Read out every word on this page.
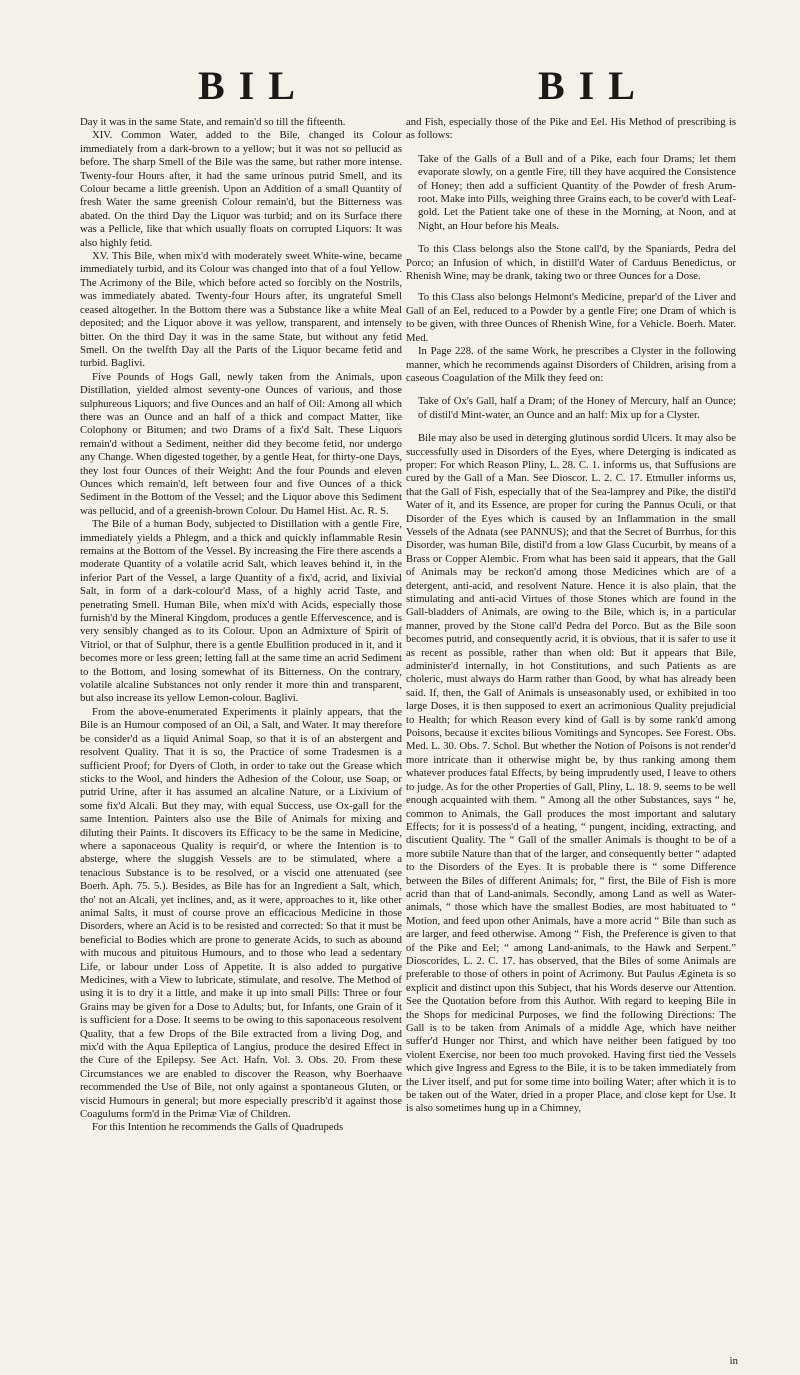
BIL	BIL

Day it was in the same State, and remain'd so till the fifteenth.

XIV. Common Water, added to the Bile, changed its Colour immediately from a dark-brown to a yellow; but it was not so pellucid as before. The sharp Smell of the Bile was the same, but rather more intense. Twenty-four Hours after, it had the same urinous putrid Smell, and its Colour became a little greenish. Upon an Addition of a small Quantity of fresh Water the same greenish Colour remain'd, but the Bitterness was abated. On the third Day the Liquor was turbid; and on its Surface there was a Pellicle, like that which usually floats on corrupted Liquors: It was also highly fetid.

XV. This Bile, when mix'd with moderately sweet White-wine, became immediately turbid, and its Colour was changed into that of a foul Yellow. The Acrimony of the Bile, which before acted so forcibly on the Nostrils, was immediately abated. Twenty-four Hours after, its ungrateful Smell ceased altogether. In the Bottom there was a Substance like a white Meal deposited; and the Liquor above it was yellow, transparent, and intensely bitter. On the third Day it was in the same State, but without any fetid Smell. On the twelfth Day all the Parts of the Liquor became fetid and turbid. Baglivi.

Five Pounds of Hogs Gall, newly taken from the Animals, upon Distillation, yielded almost seventy-one Ounces of various, and those sulphureous Liquors; and five Ounces and an half of Oil: Among all which there was an Ounce and an half of a thick and compact Matter, like Colophony or Bitumen; and two Drams of a fix'd Salt. These Liquors remain'd without a Sediment, neither did they become fetid, nor undergo any Change. When digested together, by a gentle Heat, for thirty-one Days, they lost four Ounces of their Weight: And the four Pounds and eleven Ounces which remain'd, left between four and five Ounces of a thick Sediment in the Bottom of the Vessel; and the Liquor above this Sediment was pellucid, and of a greenish-brown Colour. Du Hamel Hist. Ac. R. S.

The Bile of a human Body, subjected to Distillation with a gentle Fire, immediately yields a Phlegm, and a thick and quickly inflammable Resin remains at the Bottom of the Vessel. By increasing the Fire there ascends a moderate Quantity of a volatile acrid Salt, which leaves behind it, in the inferior Part of the Vessel, a large Quantity of a fix'd, acrid, and lixivial Salt, in form of a dark-colour'd Mass, of a highly acrid Taste, and penetrating Smell. Human Bile, when mix'd with Acids, especially those furnish'd by the Mineral Kingdom, produces a gentle Effervescence, and is very sensibly changed as to its Colour. Upon an Admixture of Spirit of Vitriol, or that of Sulphur, there is a gentle Ebullition produced in it, and it becomes more or less green; letting fall at the same time an acrid Sediment to the Bottom, and losing somewhat of its Bitterness. On the contrary, volatile alcaline Substances not only render it more thin and transparent, but also increase its yellow Lemon-colour. Baglivi.

From the above-enumerated Experiments it plainly appears, that the Bile is an Humour composed of an Oil, a Salt, and Water. It may therefore be consider'd as a liquid Animal Soap, so that it is of an abstergent and resolvent Quality. That it is so, the Practice of some Tradesmen is a sufficient Proof; for Dyers of Cloth, in order to take out the Grease which sticks to the Wool, and hinders the Adhesion of the Colour, use Soap, or putrid Urine, after it has assumed an alcaline Nature, or a Lixivium of some fix'd Alcali. But they may, with equal Success, use Ox-gall for the same Intention. Painters also use the Bile of Animals for mixing and diluting their Paints. It discovers its Efficacy to be the same in Medicine, where a saponaceous Quality is requir'd, or where the Intention is to absterge, where the sluggish Vessels are to be stimulated, where a tenacious Substance is to be resolved, or a viscid one attenuated (see Boerh. Aph. 75. 5.). Besides, as Bile has for an Ingredient a Salt, which, tho' not an Alcali, yet inclines, and, as it were, approaches to it, like other animal Salts, it must of course prove an efficacious Medicine in those Disorders, where an Acid is to be resisted and corrected: So that it must be beneficial to Bodies which are prone to generate Acids, to such as abound with mucous and pituitous Humours, and to those who lead a sedentary Life, or labour under Loss of Appetite. It is also added to purgative Medicines, with a View to lubricate, stimulate, and resolve. The Method of using it is to dry it a little, and make it up into small Pills: Three or four Grains may be given for a Dose to Adults; but, for Infants, one Grain of it is sufficient for a Dose. It seems to be owing to this saponaceous resolvent Quality, that a few Drops of the Bile extracted from a living Dog, and mix'd with the Aqua Epileptica of Langius, produce the desired Effect in the Cure of the Epilepsy. See Act. Hafn. Vol. 3. Obs. 20. From these Circumstances we are enabled to discover the Reason, why Boerhaave recommended the Use of Bile, not only against a spontaneous Gluten, or viscid Humours in general; but more especially prescrib'd it against those Coagulums form'd in the Primæ Viæ of Children.

For this Intention he recommends the Galls of Quadrupeds

and Fish, especially those of the Pike and Eel. His Method of prescribing is as follows:

Take of the Galls of a Bull and of a Pike, each four Drams; let them evaporate slowly, on a gentle Fire, till they have acquired the Consistence of Honey; then add a sufficient Quantity of the Powder of fresh Arum-root. Make into Pills, weighing three Grains each, to be cover'd with Leaf-gold. Let the Patient take one of these in the Morning, at Noon, and at Night, an Hour before his Meals.

To this Class belongs also the Stone call'd, by the Spaniards, Pedra del Porco; an Infusion of which, in distill'd Water of Carduus Benedictus, or Rhenish Wine, may be drank, taking two or three Ounces for a Dose.

To this Class also belongs Helmont's Medicine, prepar'd of the Liver and Gall of an Eel, reduced to a Powder by a gentle Fire; one Dram of which is to be given, with three Ounces of Rhenish Wine, for a Vehicle. Boerh. Mater. Med.

In Page 228. of the same Work, he prescribes a Clyster in the following manner, which he recommends against Disorders of Children, arising from a caseous Coagulation of the Milk they feed on:

Take of Ox's Gall, half a Dram; of the Honey of Mercury, half an Ounce; of distil'd Mint-water, an Ounce and an half: Mix up for a Clyster.

Bile may also be used in deterging glutinous sordid Ulcers. It may also be successfully used in Disorders of the Eyes, where Deterging is indicated as proper: For which Reason Pliny, L. 28. C. 1. informs us, that Suffusions are cured by the Gall of a Man. See Dioscor. L. 2. C. 17. Etmuller informs us, that the Gall of Fish, especially that of the Sea-lamprey and Pike, the distil'd Water of it, and its Essence, are proper for curing the Pannus Oculi, or that Disorder of the Eyes which is caused by an Inflammation in the small Vessels of the Adnata (see PANNUS); and that the Secret of Burrhus, for this Disorder, was human Bile, distil'd from a low Glass Cucurbit, by means of a Brass or Copper Alembic. From what has been said it appears, that the Gall of Animals may be reckon'd among those Medicines which are of a detergent, anti-acid, and resolvent Nature. Hence it is also plain, that the stimulating and anti-acid Virtues of those Stones which are found in the Gall-bladders of Animals, are owing to the Bile, which is, in a particular manner, proved by the Stone call'd Pedra del Porco. But as the Bile soon becomes putrid, and consequently acrid, it is obvious, that it is safer to use it as recent as possible, rather than when old: But it appears that Bile, administer'd internally, in hot Constitutions, and such Patients as are choleric, must always do Harm rather than Good, by what has already been said. If, then, the Gall of Animals is unseasonably used, or exhibited in too large Doses, it is then supposed to exert an acrimonious Quality prejudicial to Health; for which Reason every kind of Gall is by some rank'd among Poisons, because it excites bilious Vomitings and Syncopes. See Forest. Obs. Med. L. 30. Obs. 7. Schol. But whether the Notion of Poisons is not render'd more intricate than it otherwise might be, by thus ranking among them whatever produces fatal Effects, by being imprudently used, I leave to others to judge. As for the other Properties of Gall, Pliny, L. 18. 9. seems to be well enough acquainted with them. “ Among all the other Substances, says “ he, common to Animals, the Gall produces the most important and salutary Effects; for it is possess'd of a heating, “ pungent, inciding, extracting, and discutient Quality. The “ Gall of the smaller Animals is thought to be of a more subtile Nature than that of the larger, and consequently better “ adapted to the Disorders of the Eyes. It is probable there is “ some Difference between the Biles of different Animals; for, “ first, the Bile of Fish is more acrid than that of Land-animals. Secondly, among Land as well as Water-animals, “ those which have the smallest Bodies, are most habituated to “ Motion, and feed upon other Animals, have a more acrid “ Bile than such as are larger, and feed otherwise. Among “ Fish, the Preference is given to that of the Pike and Eel; “ among Land-animals, to the Hawk and Serpent.” Dioscorides, L. 2. C. 17. has observed, that the Biles of some Animals are preferable to those of others in point of Acrimony. But Paulus Ægineta is so explicit and distinct upon this Subject, that his Words deserve our Attention. See the Quotation before from this Author. With regard to keeping Bile in the Shops for medicinal Purposes, we find the following Directions: The Gall is to be taken from Animals of a middle Age, which have neither suffer'd Hunger nor Thirst, and which have neither been fatigued by too violent Exercise, nor been too much provoked. Having first tied the Vessels which give Ingress and Egress to the Bile, it is to be taken immediately from the Liver itself, and put for some time into boiling Water; after which it is to be taken out of the Water, dried in a proper Place, and close kept for Use. It is also sometimes hung up in a Chimney,

in
